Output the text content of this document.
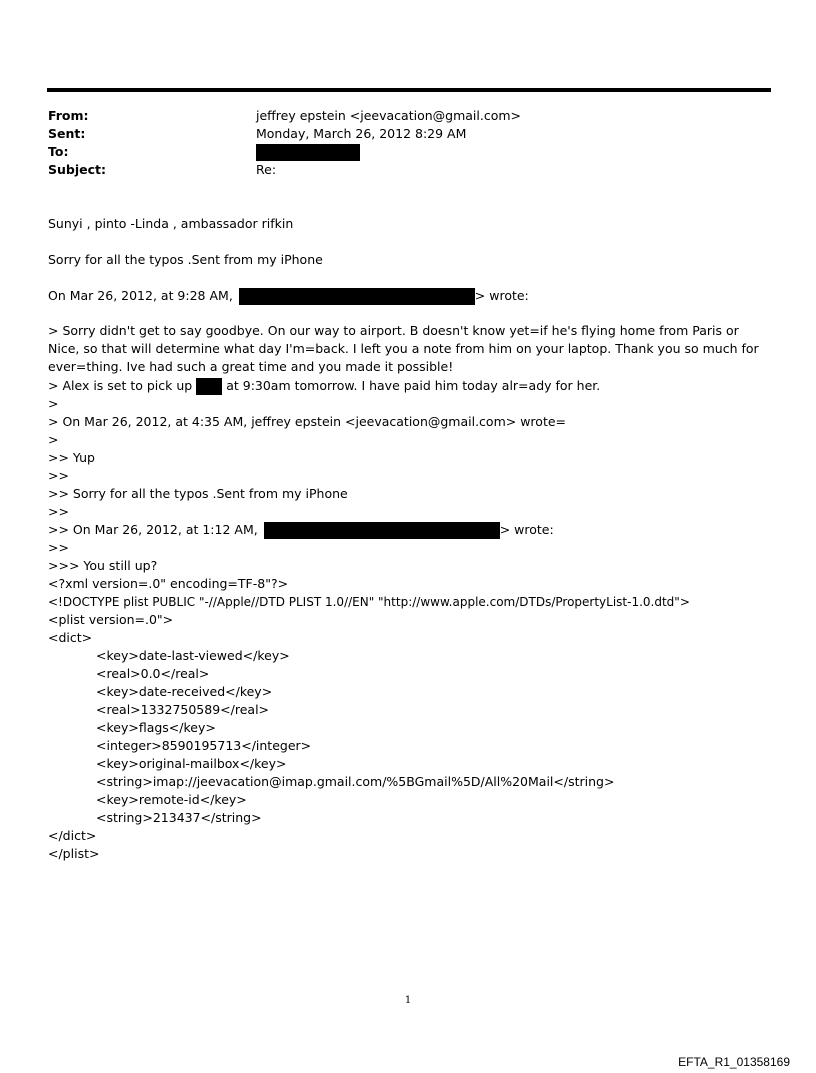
From:	jeffrey epstein <jeevacation@gmail.com>
Sent:	Monday, March 26, 2012 8:29 AM
To:
Subject:	Re:
Sunyi , pinto -Linda , ambassador rifkin
Sorry for all the typos .Sent from my iPhone
On Mar 26, 2012, at 9:28 AM,	> wrote:
> Sorry didn't get to say goodbye. On our way to airport. B doesn't know yet=if he's flying home from Paris or Nice, so that will determine what day I'm=back. I left you a note from him on your laptop. Thank you so much for ever=thing. Ive had such a great time and you made it possible!
> Alex is set to pick up	at 9:30am tomorrow. I have paid him today alr=ady for her.
>
> On Mar 26, 2012, at 4:35 AM, jeffrey epstein <jeevacation@gmail.com> wrote=
>
>> Yup
>>
>> Sorry for all the typos .Sent from my iPhone
>>
>> On Mar 26, 2012, at 1:12 AM,	> wrote:
>>
>>> You still up?
<?xml version=.0" encoding=TF-8"?>
<!DOCTYPE plist PUBLIC "-//Apple//DTD PLIST 1.0//EN" "http://www.apple.com/DTDs/PropertyList-1.0.dtd">
<plist version=.0">
<dict>
<key>date-last-viewed</key>
<real>0.0</real>
<key>date-received</key>
<real>1332750589</real>
<key>flags</key>
<integer>8590195713</integer>
<key>original-mailbox</key>
<string>imap://jeevacation@imap.gmail.com/%5BGmail%5D/All%20Mail</string>
<key>remote-id</key>
<string>213437</string>
</dict>
</plist>
1
EFTA_R1_01358169
